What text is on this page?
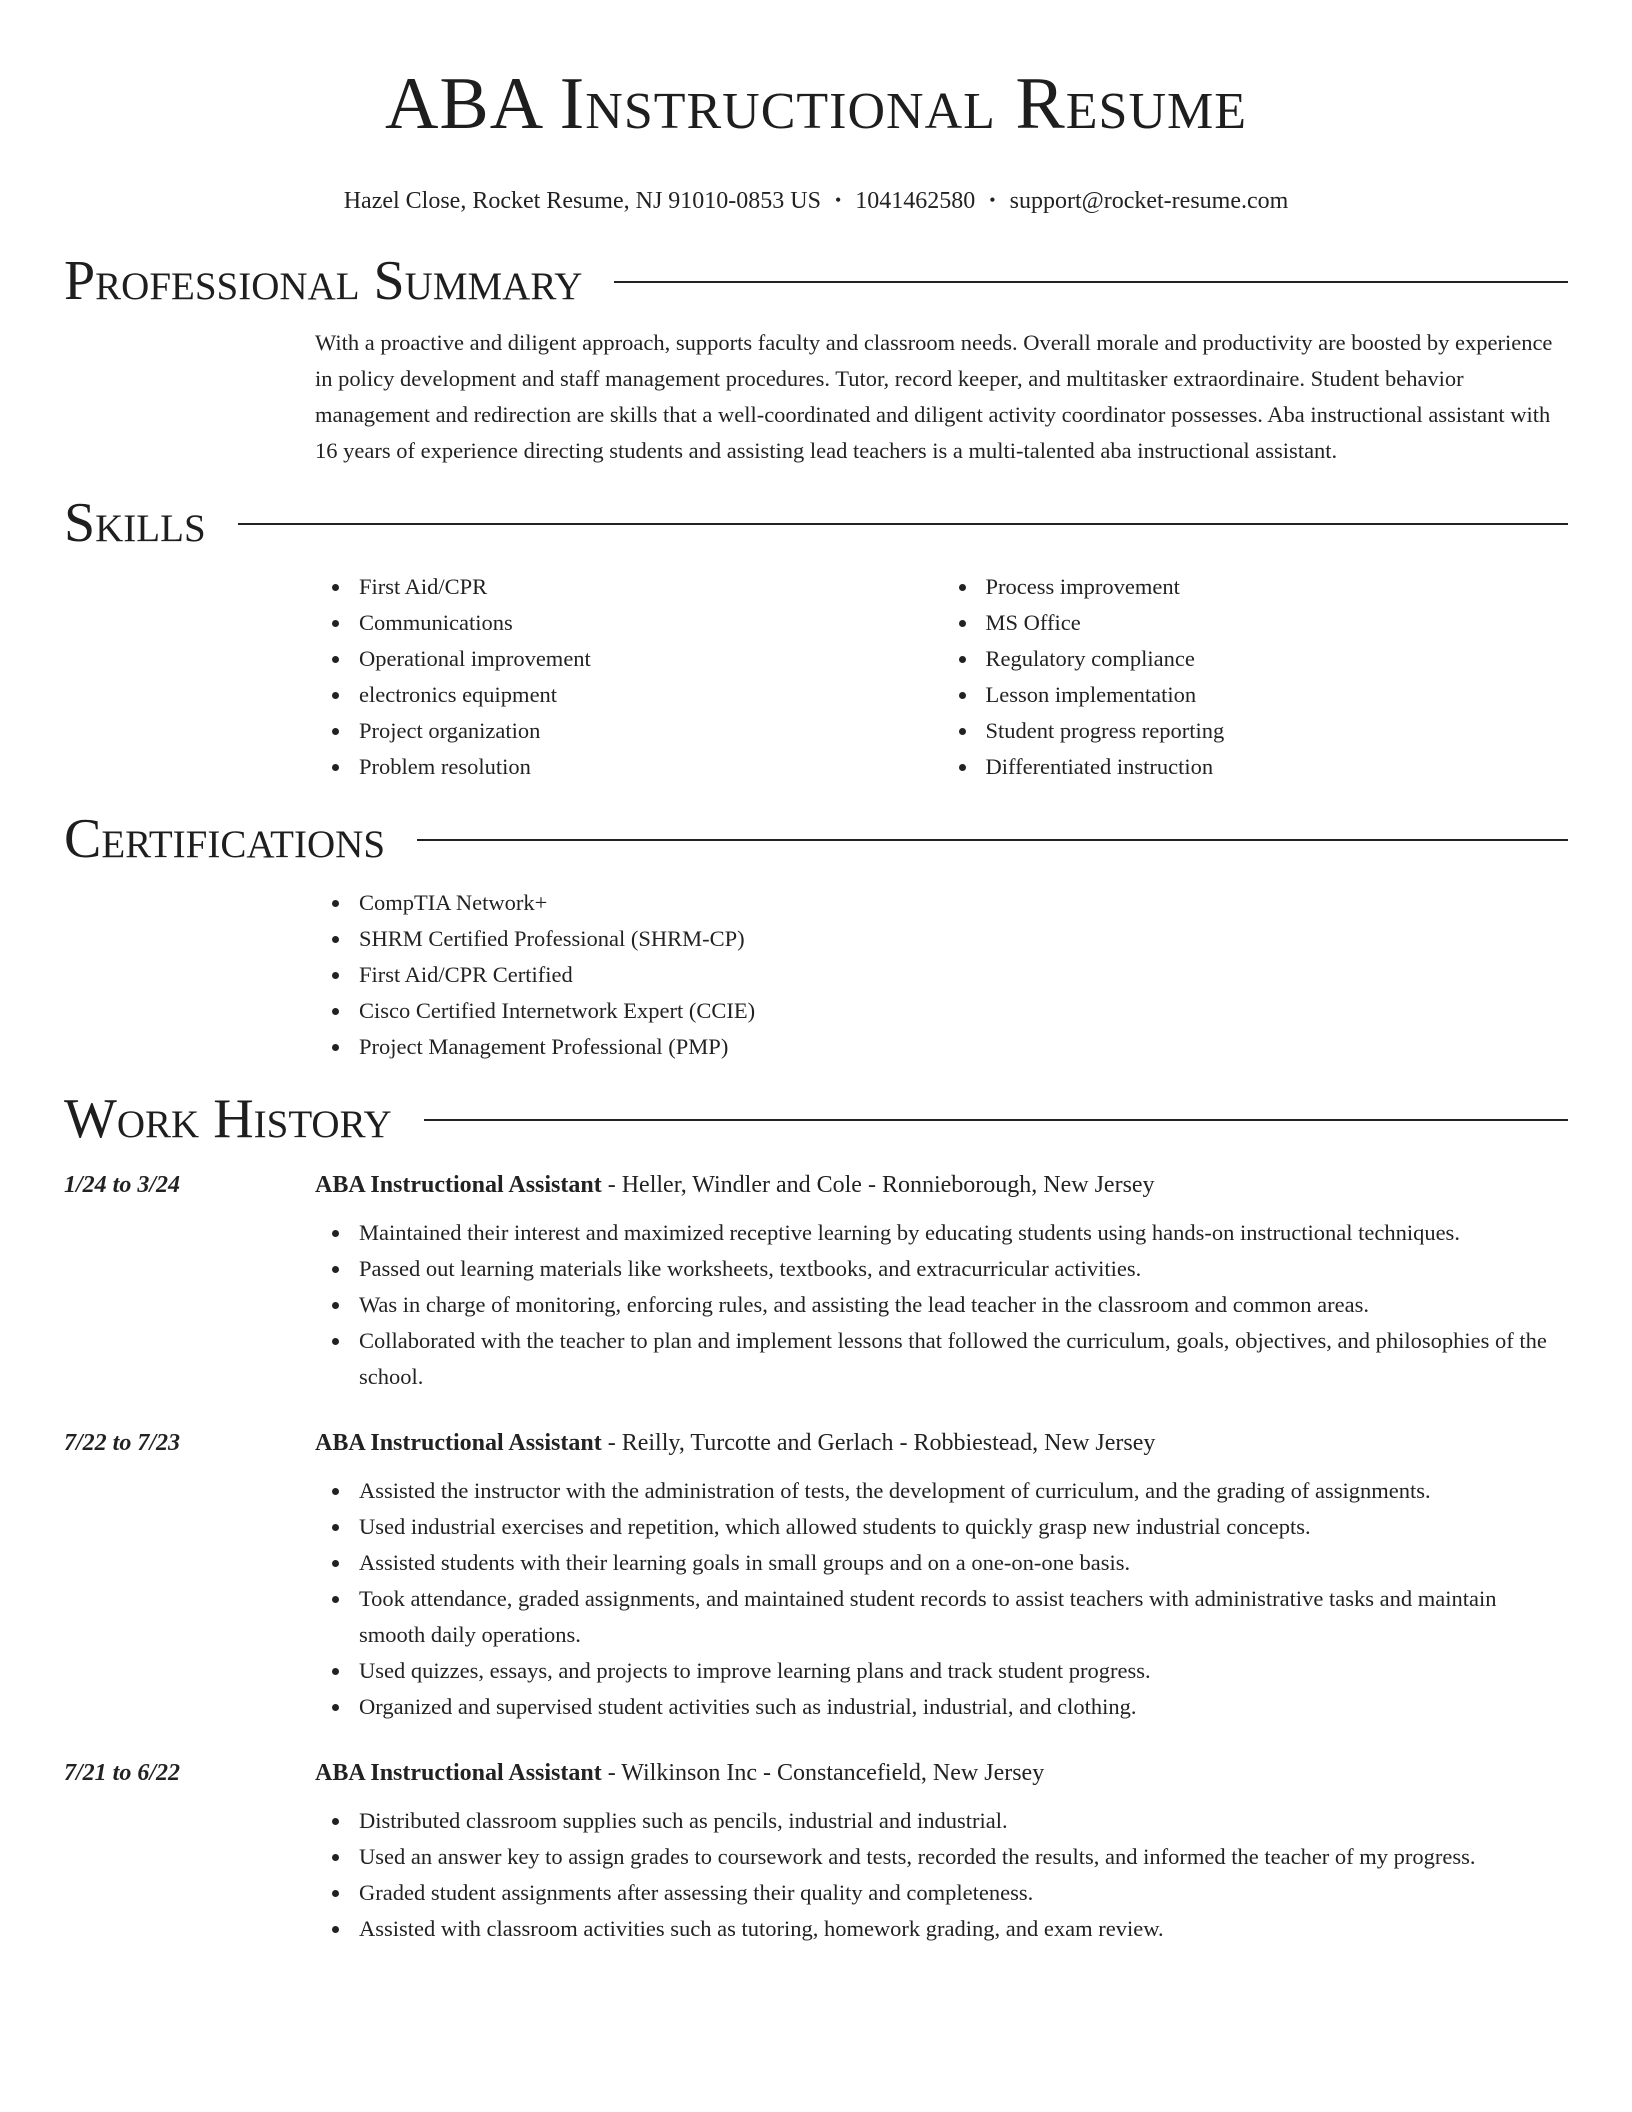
ABA Instructional Resume
Hazel Close, Rocket Resume, NJ 91010-0853 US • 1041462580 • support@rocket-resume.com
Professional Summary
With a proactive and diligent approach, supports faculty and classroom needs. Overall morale and productivity are boosted by experience in policy development and staff management procedures. Tutor, record keeper, and multitasker extraordinaire. Student behavior management and redirection are skills that a well-coordinated and diligent activity coordinator possesses. Aba instructional assistant with 16 years of experience directing students and assisting lead teachers is a multi-talented aba instructional assistant.
Skills
First Aid/CPR
Communications
Operational improvement
electronics equipment
Project organization
Problem resolution
Process improvement
MS Office
Regulatory compliance
Lesson implementation
Student progress reporting
Differentiated instruction
Certifications
CompTIA Network+
SHRM Certified Professional (SHRM-CP)
First Aid/CPR Certified
Cisco Certified Internetwork Expert (CCIE)
Project Management Professional (PMP)
Work History
1/24 to 3/24	ABA Instructional Assistant - Heller, Windler and Cole - Ronnieborough, New Jersey
Maintained their interest and maximized receptive learning by educating students using hands-on instructional techniques.
Passed out learning materials like worksheets, textbooks, and extracurricular activities.
Was in charge of monitoring, enforcing rules, and assisting the lead teacher in the classroom and common areas.
Collaborated with the teacher to plan and implement lessons that followed the curriculum, goals, objectives, and philosophies of the school.
7/22 to 7/23	ABA Instructional Assistant - Reilly, Turcotte and Gerlach - Robbiestead, New Jersey
Assisted the instructor with the administration of tests, the development of curriculum, and the grading of assignments.
Used industrial exercises and repetition, which allowed students to quickly grasp new industrial concepts.
Assisted students with their learning goals in small groups and on a one-on-one basis.
Took attendance, graded assignments, and maintained student records to assist teachers with administrative tasks and maintain smooth daily operations.
Used quizzes, essays, and projects to improve learning plans and track student progress.
Organized and supervised student activities such as industrial, industrial, and clothing.
7/21 to 6/22	ABA Instructional Assistant - Wilkinson Inc - Constancefield, New Jersey
Distributed classroom supplies such as pencils, industrial and industrial.
Used an answer key to assign grades to coursework and tests, recorded the results, and informed the teacher of my progress.
Graded student assignments after assessing their quality and completeness.
Assisted with classroom activities such as tutoring, homework grading, and exam review.
